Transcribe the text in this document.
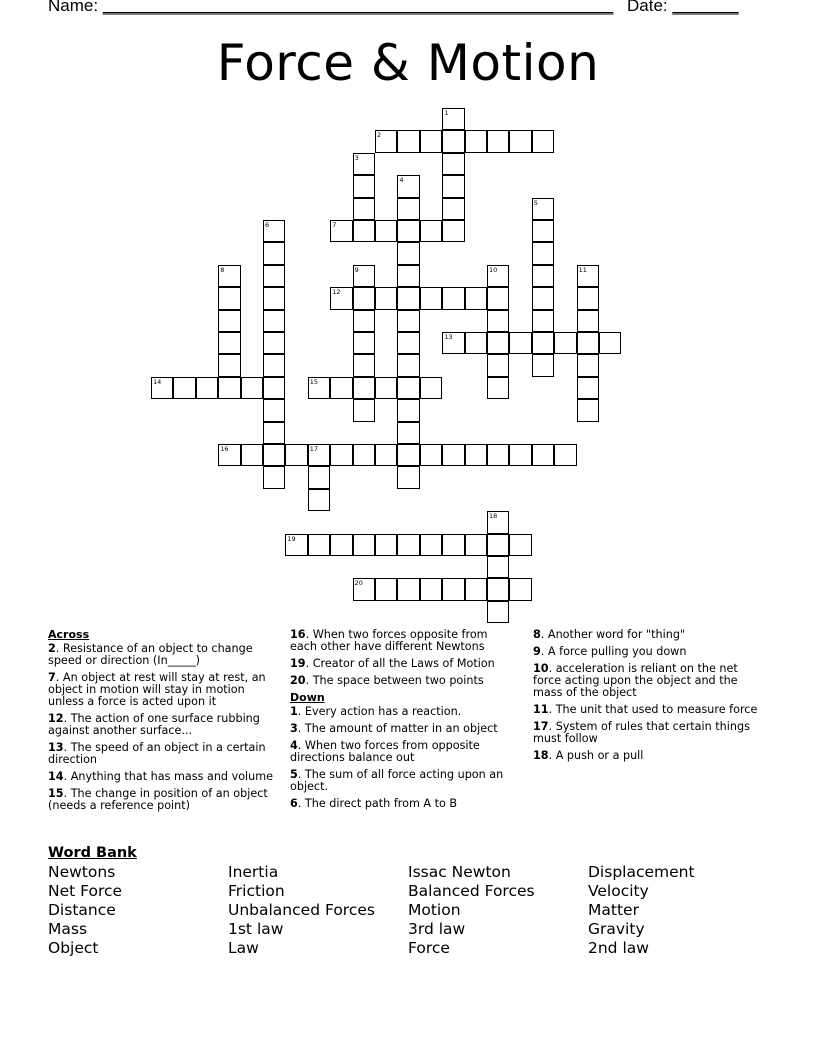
Name: ______________________________________________________ Date: _______
Force & Motion
1
2
3
4
5
6	7
8	9	10	11
12
13
14	15
16	17
18
19
20
Across
2. Resistance of an object to change speed or direction (In_____)
7. An object at rest will stay at rest, an object in motion will stay in motion unless a force is acted upon it
12. The action of one surface rubbing against another surface...
13. The speed of an object in a certain direction
14. Anything that has mass and volume
15. The change in position of an object (needs a reference point)
16. When two forces opposite from each other have different Newtons
19. Creator of all the Laws of Motion
20. The space between two points
Down
1. Every action has a reaction.
3. The amount of matter in an object
4. When two forces from opposite directions balance out
5. The sum of all force acting upon an object.
6. The direct path from A to B
8. Another word for "thing"
9. A force pulling you down
10. acceleration is reliant on the net force acting upon the object and the mass of the object
11. The unit that used to measure force
17. System of rules that certain things must follow
18. A push or a pull
Word Bank
Newtons	Inertia	Issac Newton	Displacement
Net Force	Friction	Balanced Forces	Velocity
Distance	Unbalanced Forces	Motion	Matter
Mass	1st law	3rd law	Gravity
Object	Law	Force	2nd law
